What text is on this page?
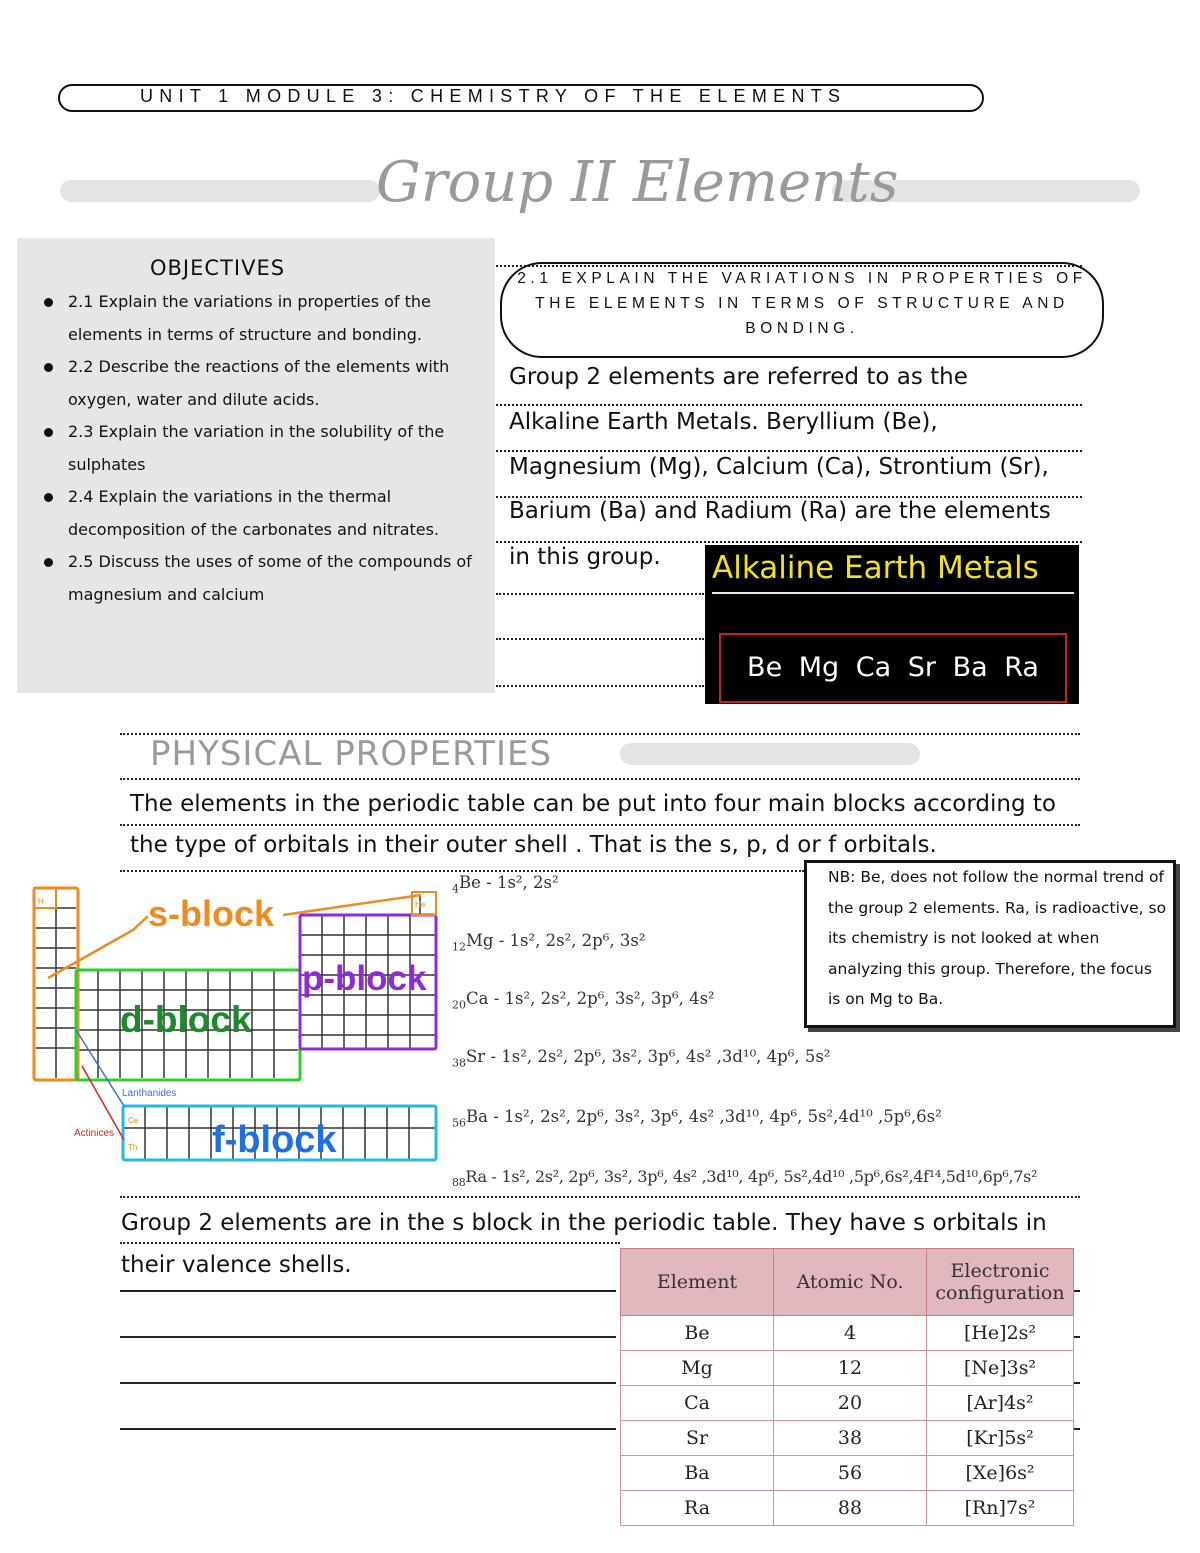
UNIT 1 MODULE 3: CHEMISTRY OF THE ELEMENTS
Group II Elements
OBJECTIVES
2.1 Explain the variations in properties of the elements in terms of structure and bonding.
2.2 Describe the reactions of the elements with oxygen, water and dilute acids.
2.3 Explain the variation in the solubility of the sulphates
2.4 Explain the variations in the thermal decomposition of the carbonates and nitrates.
2.5 Discuss the uses of some of the compounds of magnesium and calcium
2.1 EXPLAIN THE VARIATIONS IN PROPERTIES OF THE ELEMENTS IN TERMS OF STRUCTURE AND BONDING.
Group 2 elements are referred to as the
Alkaline Earth Metals. Beryllium (Be),
Magnesium (Mg), Calcium (Ca), Strontium (Sr),
Barium (Ba) and Radium (Ra) are the elements
in this group. Alkaline Earth Metals
Be Mg Ca Sr Ba Ra
PHYSICAL PROPERTIES
The elements in the periodic table can be put into four main blocks according to
the type of orbitals in their outer shell . That is the s, p, d or f orbitals.
H	He
s-block
p-block
d-block
f-block
Lanthanides
Actinices
Ce
Th
$_4$Be - 1s², 2s²
$_{12}$Mg - 1s², 2s², 2p⁶, 3s²
$_{20}$Ca - 1s², 2s², 2p⁶, 3s², 3p⁶, 4s²
$_{38}$Sr - 1s², 2s², 2p⁶, 3s², 3p⁶, 4s² ,3d¹⁰, 4p⁶, 5s²
$_{56}$Ba - 1s², 2s², 2p⁶, 3s², 3p⁶, 4s² ,3d¹⁰, 4p⁶, 5s²,4d¹⁰ ,5p⁶,6s²
$_{88}$Ra - 1s², 2s², 2p⁶, 3s², 3p⁶, 4s² ,3d¹⁰, 4p⁶, 5s²,4d¹⁰ ,5p⁶,6s²,4f¹⁴,5d¹⁰,6p⁶,7s²
NB: Be, does not follow the normal trend of the group 2 elements. Ra, is radioactive, so its chemistry is not looked at when analyzing this group. Therefore, the focus is on Mg to Ba.
Group 2 elements are in the s block in the periodic table. They have s orbitals in
their valence shells.
Element	Atomic No.	Electronic configuration
Be	4	[He]2s²
Mg	12	[Ne]3s²
Ca	20	[Ar]4s²
Sr	38	[Kr]5s²
Ba	56	[Xe]6s²
Ra	88	[Rn]7s²
